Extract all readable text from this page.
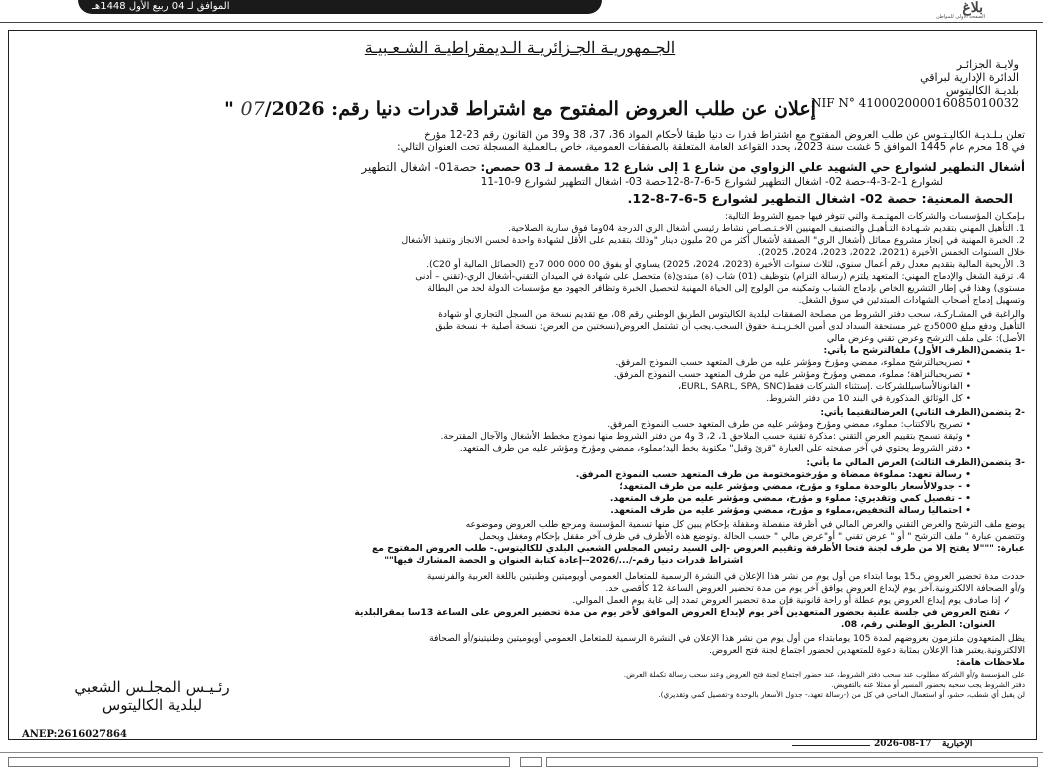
الموافق لـ 04 ربيع الأول 1448هـ	بلاغ
الصفحة الأولى للمواطن
الجـمهوريـة الجـزائريـة الـديمقراطيـة الشـعـبيـة
ولايـة الجزائـر
الدائرة الإدارية لبراقي
بلديـة الكاليتوس
NIF N° 410002000016085010032
إعلان عن طلب العروض المفتوح مع اشتراط قدرات دنيا رقم: 07/2026 "
تعلن بـلـديـة الكاليـتـوس عن طلب العروض المفتوح مع اشتراط قدرا ت دنيا طبقا لأحكام المواد 36، 37، 38 و39 من القانون رقم 23-12 مؤرخ
في 18 محرم عام 1445 الموافق 5 غشت سنة 2023، يحدد القواعد العامة المتعلقة بالصفقات العمومية، خاص بـالعملية المسجلة تحت العنوان التالي:
أشغال التطهير لشوارع حي الشهيد علي الزواوي من شارع 1 إلى شارع 12 مقسمة لـ 03 حصص: حصة01- اشغال التطهير
لشوارع 1-2-3-4-حصة 02- اشغال التطهير لشوارع 5-6-7-8-12حصة 03- اشغال التطهير لشوارع 9-10-11
الحصة المعنية: حصة 02- اشغال التطهير لشوارع 5-6-7-8-12.
بـإمكـان المؤسسات والشركات المهتـمـة والتي تتوفر فيها جميع الشروط التالية:
1. التأهيل المهني بتقديم شـهـادة التـأهيـل والتصنيف المهنيين الاخـتـصـاص نشاط رئيسي أشغال الري الدرجة 04وما فوق سارية الصلاحية.
2. الخبرة المهنية في إنجاز مشروع مماثل (أشغال الري" الصفقة لأشغال أكثر من 20 مليون دينار "وذلك بتقديم على الأقل لشهادة واحدة لحسن الانجاز وتنفيذ الأشغال
خلال السنوات الخمس الأخيرة (2021، 2022، 2023، 2024، 2025).
3. الأريحية المالية بتقديم معدل رقم أعمال سنوي، لثلاث سنوات الأخيرة (2023، 2024، 2025) يساوي أو يفوق 00 000 000 7دج (الحصائل المالية أو C20).
4. ترقية الشغل والإدماج المهني: المتعهد يلتزم (رسالة التزام) بتوظيف (01) شاب (ة) مبتدئ(ة) متحصل على شهادة في الميدان التقني-أشغال الري-(تقني – أدنى
مستوى) وهذا في إطار التشريع الخاص بإدماج الشباب وتمكينه من الولوج إلى الحياة المهنية لتحصيل الخبرة وتظافر الجهود مع مؤسسات الدولة لحد من البطالة
وتسهيل إدماج أصحاب الشهادات المبتدئين في سوق الشغل.
والراغبة في المشـاركـة، سحب دفتر الشروط من مصلحة الصفقات لبلدية الكاليتوس الطريق الوطني رقم 08، مع تقديم نسخة من السجل التجاري أو شهادة
التأهيل ودفع مبلغ 5000دج غير مستحقة السداد لدى أمين الخـزيـنـة حقوق السحب.يجب أن تشتمل العروض(نسختين من العرض: نسخة أصلية + نسخة طبق
الأصل): على ملف الترشح وعرض تقني وعرض مالي
-1 يتضمن(الظرف الأول) ملفالترشح ما يأتي:
• تصريحبالترشح مملوء، ممضي ومؤرخ ومؤشر عليه من طرف المتعهد حسب النموذج المرفق.
• تصريحبالنزاهة؛ مملوء، ممضي ومؤرخ ومؤشر عليه من طرف المتعهد حسب النموذج المرفق.
• القانونالأساسيللشركات .إستثناء الشركات فقط(EURL, SARL, SPA, SNC،
• كل الوثائق المذكورة في البند 10 من دفتر الشروط.
-2 يتضمن(الظرف الثاني) العرضالتقنيما يأتي:
• تصريح بالاكتتاب: مملوء، ممضي ومؤرخ ومؤشر عليه من طرف المتعهد حسب النموذج المرفق.
• وثيقة تسمح بتقييم العرض التقني :مذكرة تقنية حسب الملاحق 1، 2، 3 و4 من دفتر الشروط منها نموذج مخطط الأشغال والآجال المقترحة.
• دفتر الشروط يحتوي في آخر صفحته على العبارة "قرئ وقبل" مكتوبة بخط اليد؛مملوء، ممضي ومؤرخ ومؤشر عليه من طرف المتعهد.
-3 يتضمن(الظرف الثالث) العرض المالي ما يأتي:
• رسالة تعهد: مملوءة ممضاة و مؤرختومختومة من طرف المتعهد حسب النموذج المرفق.
• - جدولالأسعار بالوحدة مملوء و مؤرخ، ممضي ومؤشر عليه من طرف المتعهد؛
• - تفصيل كمي وتقديري: مملوء و مؤرخ، ممضي ومؤشر عليه من طرف المتعهد.
• احتماليا رسالة التخفيض،مملوء و مؤرخ، ممضي ومؤشر عليه من طرف المتعهد.
يوضع ملف الترشح والعرض التقني والعرض المالي في أظرفة منفصلة ومقفلة بإحكام يبين كل منها تسمية المؤسسة ومرجع طلب العروض وموضوعه
وتتضمن عبارة " ملف الترشح " أو " عرض تقني " أو"عرض مالي " حسب الحالة .وتوضع هذه الأظرف في ظرف آخر مقفل بإحكام ومغفل ويحمل
عبارة: """لا يفتح إلا من طرف لجنة فتحا الأظرفة وتقييم العروض -إلى السيد رئيس المجلس الشعبي البلدي للكاليتوس.- طلب العروض المفتوح مع
اشتراط قدرات دنيا رقم-/.../2026--إعادة كتابة العنوان و الحصة المشارك فيها""
حددت مدة تحضير العروض بـ15 يوما ابتداء من أول يوم من نشر هذا الإعلان في النشرة الرسمية للمتعامل العمومي أويوميتين وطنيتين باللغة العربية والفرنسية
و/أو الصحافة الالكترونية.آخر يوم لإيداع العروض يوافق آخر يوم من مدة تحضير العروض الساعة 12 كأقصى حد.
✓ إذا صادف يوم إيداع العروض يوم عطلة أو راحة قانونية فإن مدة تحضير العروض تمدد إلى غاية يوم العمل الموالي.
✓ تفتح العروض في جلسة علنية بحضور المتعهدين آخر يوم لإيداع العروض الموافق لأخر يوم من مدة تحضير العروض على الساعة 13سا بمقرالبلدية
العنوان: الطريق الوطني رقم، 08.
يظل المتعهدون ملتزمون بعروضهم لمدة 105 يومابتداء من أول يوم من نشر هذا الإعلان في النشرة الرسمية للمتعامل العمومي أويوميتين وطنيتينو/أو الصحافة
الالكترونية.يعتبر هذا الإعلان بمثابة دعوة للمتعهدين لحضور اجتماع لجنة فتح العروض.
ملاحظات هامة:
على المؤسسة و/أو الشركة مطلوب عند سحب دفتر الشروط، عند حضور اجتماع لجنة فتح العروض وعند سحب رسالة تكملة العرض.
دفتر الشروط يجب سحبه بحضور المسير أو ممثلا عنه بالتفويض.
لن يقبل أي شطب، حشو، أو استعمال الماحي في كل من (-رسالة تعهد،- جدول الأسعار بالوحدة و-تفصيل كمي وتقديري).
رئـيـس المجلـس الشعبي
لبلدية الكاليتوس
ANEP:2616027864
2026-08-17 الإخبارية
